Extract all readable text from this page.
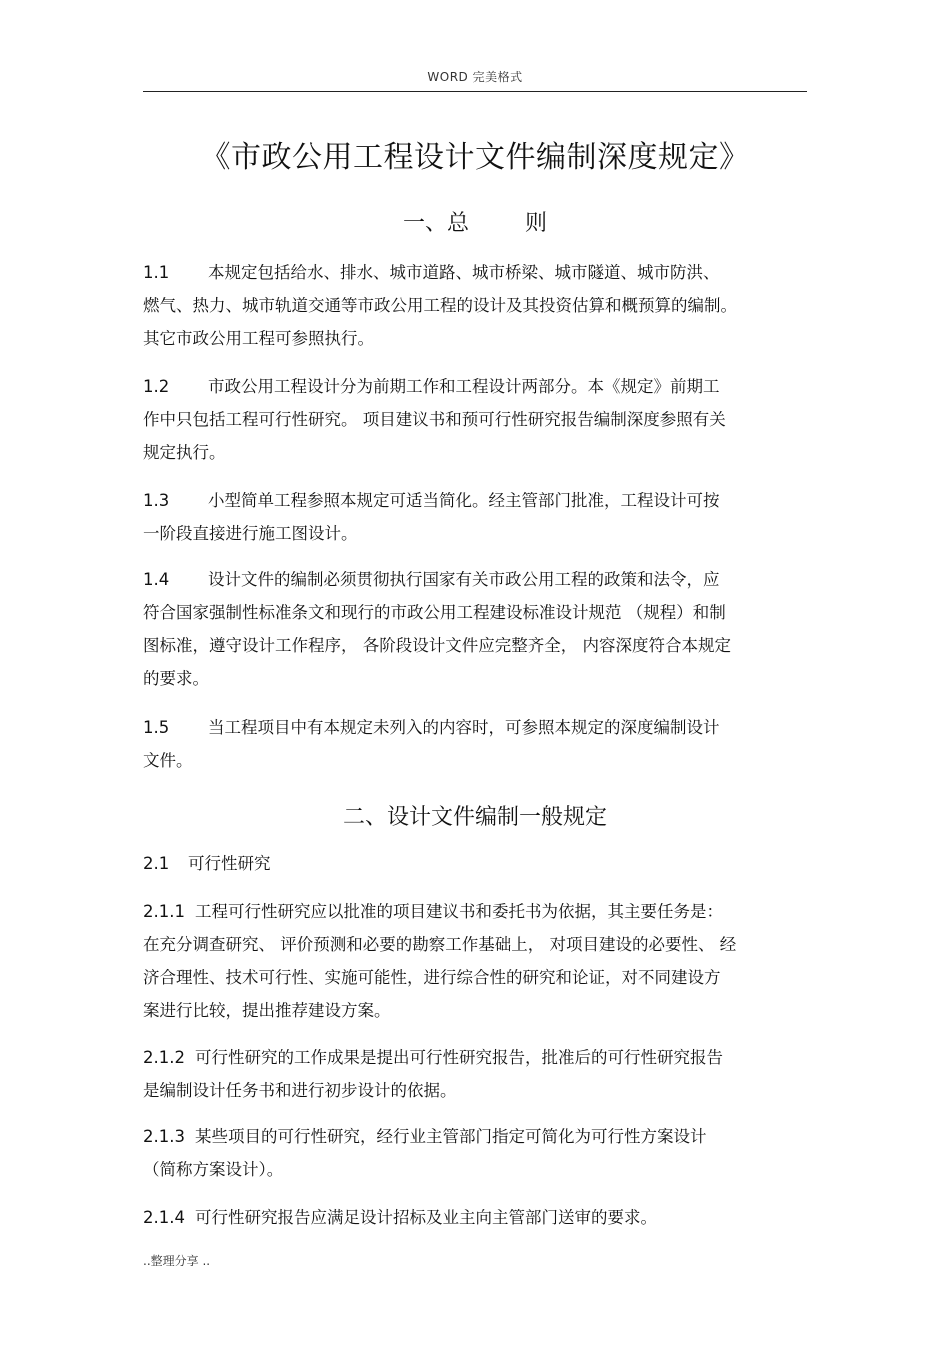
WORD 完美格式
《市政公用工程设计文件编制深度规定》
一、总	则
1.1 本规定包括给水、排水、城市道路、城市桥梁、城市隧道、城市防洪、
燃气、热力、城市轨道交通等市政公用工程的设计及其投资估算和概预算的编制。
其它市政公用工程可参照执行。
1.2 市政公用工程设计分为前期工作和工程设计两部分。本《规定》前期工
作中只包括工程可行性研究。 项目建议书和预可行性研究报告编制深度参照有关
规定执行。
1.3 小型简单工程参照本规定可适当简化。经主管部门批准，工程设计可按
一阶段直接进行施工图设计。
1.4 设计文件的编制必须贯彻执行国家有关市政公用工程的政策和法令，应
符合国家强制性标准条文和现行的市政公用工程建设标准设计规范 （规程）和制
图标准，遵守设计工作程序， 各阶段设计文件应完整齐全， 内容深度符合本规定
的要求。
1.5 当工程项目中有本规定未列入的内容时，可参照本规定的深度编制设计
文件。
二、设计文件编制一般规定
2.1 可行性研究
2.1.1 工程可行性研究应以批准的项目建议书和委托书为依据，其主要任务是：
在充分调查研究、 评价预测和必要的勘察工作基础上， 对项目建设的必要性、 经
济合理性、技术可行性、实施可能性，进行综合性的研究和论证，对不同建设方
案进行比较，提出推荐建设方案。
2.1.2 可行性研究的工作成果是提出可行性研究报告，批准后的可行性研究报告
是编制设计任务书和进行初步设计的依据。
2.1.3 某些项目的可行性研究，经行业主管部门指定可简化为可行性方案设计
（简称方案设计）。
2.1.4 可行性研究报告应满足设计招标及业主向主管部门送审的要求。
..整理分享 ..
